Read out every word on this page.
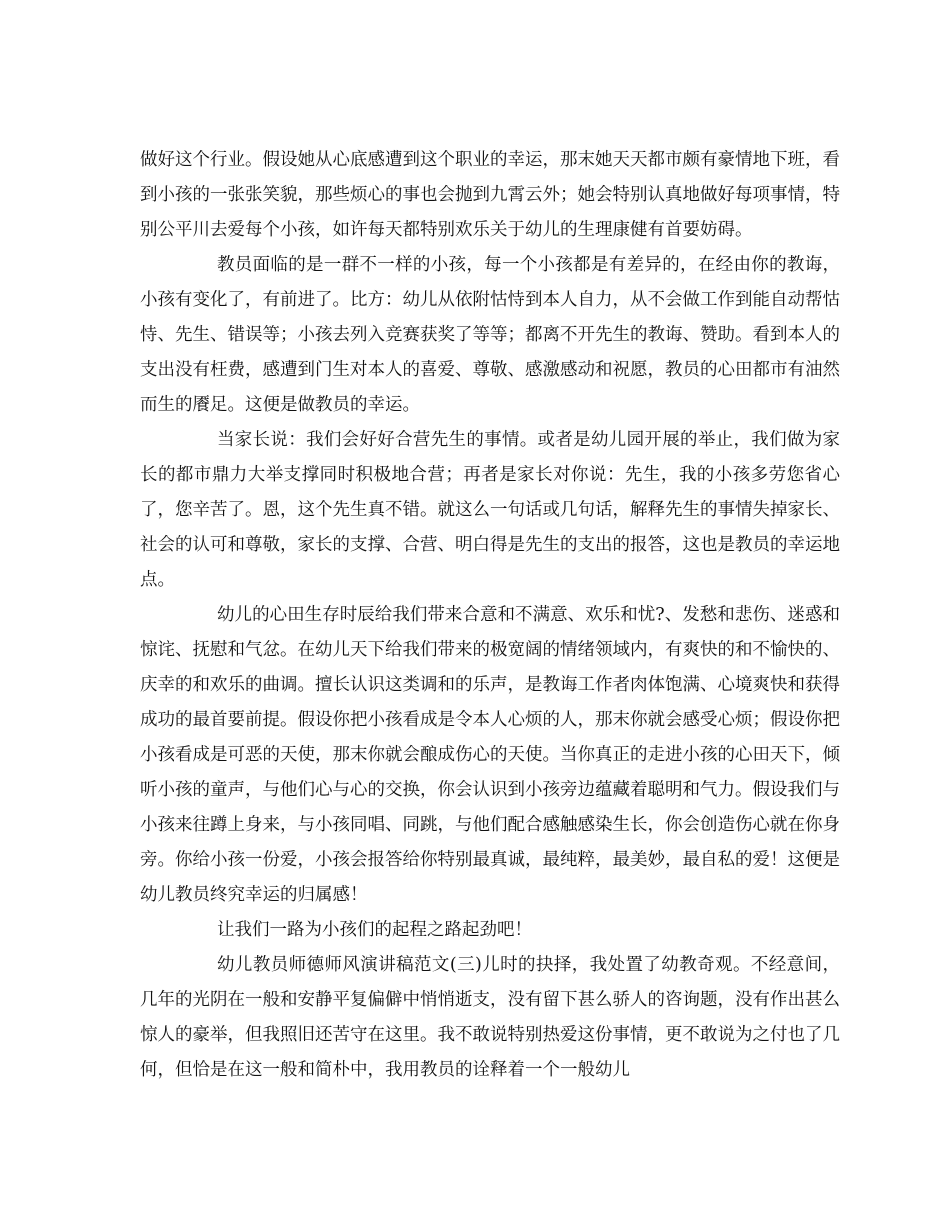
做好这个行业。假设她从心底感遭到这个职业的幸运，那末她天天都市颇有豪情地下班，看到小孩的一张张笑貌，那些烦心的事也会抛到九霄云外；她会特别认真地做好每项事情，特别公平川去爱每个小孩，如许每天都特别欢乐关于幼儿的生理康健有首要妨碍。

教员面临的是一群不一样的小孩，每一个小孩都是有差异的，在经由你的教诲，小孩有变化了，有前进了。比方：幼儿从依附怙恃到本人自力，从不会做工作到能自动帮怙恃、先生、错误等；小孩去列入竞赛获奖了等等；都离不开先生的教诲、赞助。看到本人的支出没有枉费，感遭到门生对本人的喜爱、尊敬、感激感动和祝愿，教员的心田都市有油然而生的餍足。这便是做教员的幸运。

当家长说：我们会好好合营先生的事情。或者是幼儿园开展的举止，我们做为家长的都市鼎力大举支撑同时积极地合营；再者是家长对你说：先生，我的小孩多劳您省心了，您辛苦了。恩，这个先生真不错。就这么一句话或几句话，解释先生的事情失掉家长、社会的认可和尊敬，家长的支撑、合营、明白得是先生的支出的报答，这也是教员的幸运地点。

幼儿的心田生存时辰给我们带来合意和不满意、欢乐和忧?、发愁和悲伤、迷惑和惊诧、抚慰和气忿。在幼儿天下给我们带来的极宽阔的情绪领域内，有爽快的和不愉快的、庆幸的和欢乐的曲调。擅长认识这类调和的乐声，是教诲工作者肉体饱满、心境爽快和获得成功的最首要前提。假设你把小孩看成是令本人心烦的人，那末你就会感受心烦；假设你把小孩看成是可恶的天使，那末你就会酿成伤心的天使。当你真正的走进小孩的心田天下，倾听小孩的童声，与他们心与心的交换，你会认识到小孩旁边蕴藏着聪明和气力。假设我们与小孩来往蹲上身来，与小孩同唱、同跳，与他们配合感触感染生长，你会创造伤心就在你身旁。你给小孩一份爱，小孩会报答给你特别最真诚，最纯粹，最美妙，最自私的爱！这便是幼儿教员终究幸运的归属感！

让我们一路为小孩们的起程之路起劲吧！

幼儿教员师德师风演讲稿范文(三)儿时的抉择，我处置了幼教奇观。不经意间，几年的光阴在一般和安静平复偏僻中悄悄逝支，没有留下甚么骄人的咨询题，没有作出甚么惊人的豪举，但我照旧还苦守在这里。我不敢说特别热爱这份事情，更不敢说为之付也了几何，但恰是在这一般和简朴中，我用教员的诠释着一个一般幼儿
